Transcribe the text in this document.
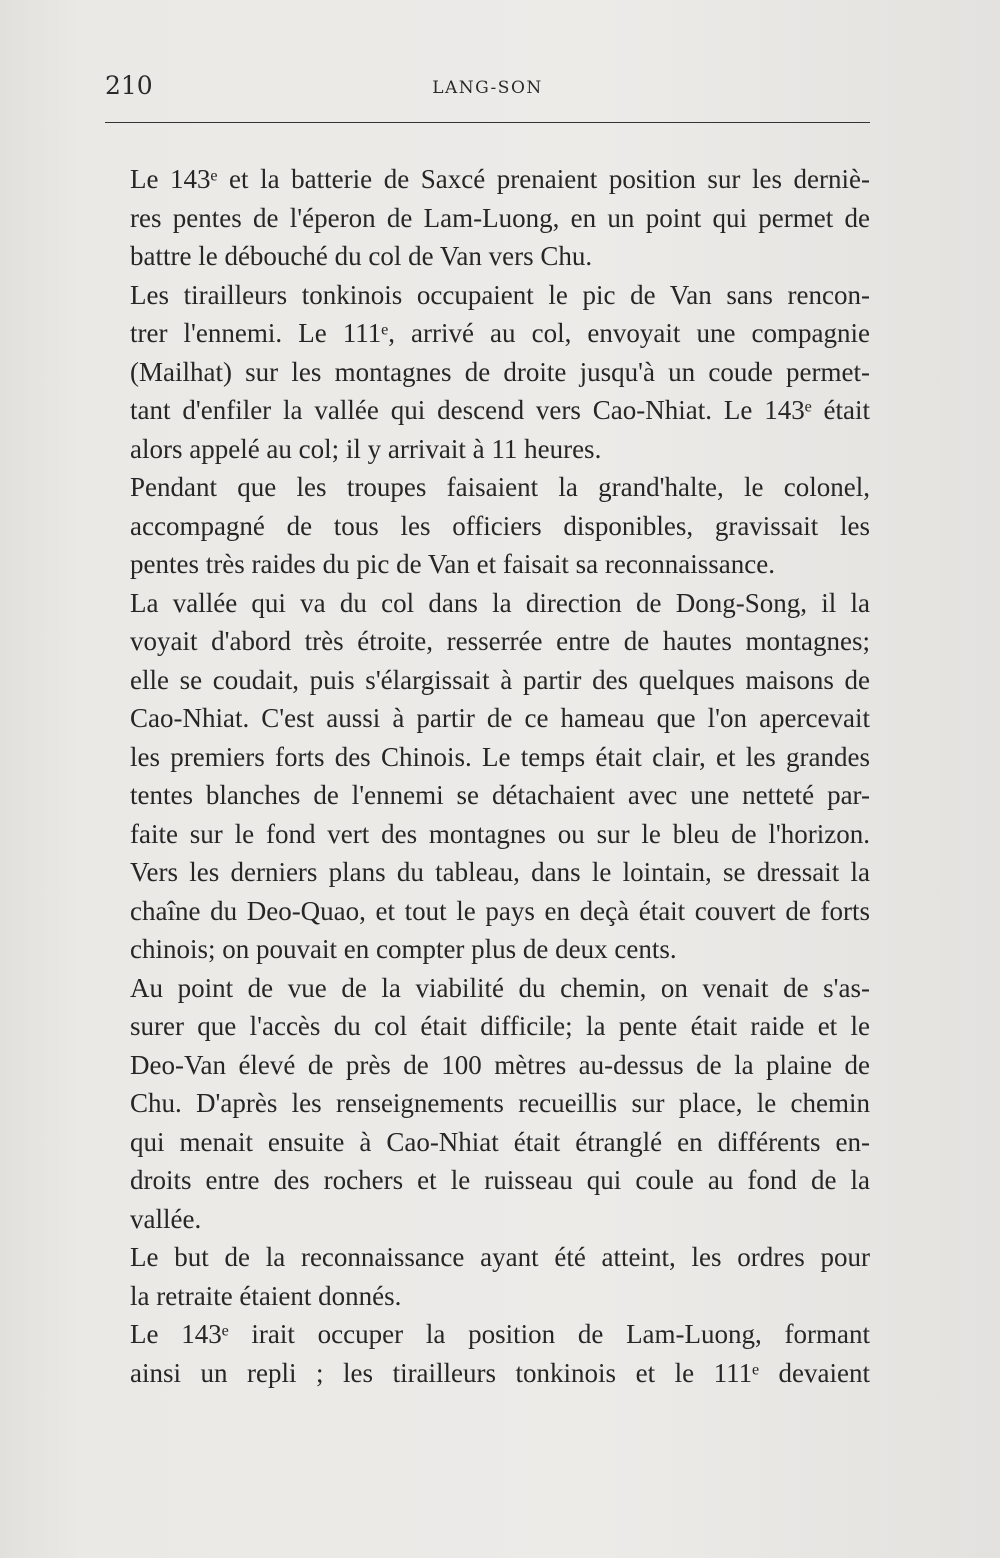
210	LANG-SON

Le 143ᵉ et la batterie de Saxcé prenaient position sur les derniè-
res pentes de l'éperon de Lam-Luong, en un point qui permet de
battre le débouché du col de Van vers Chu.

Les tirailleurs tonkinois occupaient le pic de Van sans rencon-
trer l'ennemi. Le 111ᵉ, arrivé au col, envoyait une compagnie
(Mailhat) sur les montagnes de droite jusqu'à un coude permet-
tant d'enfiler la vallée qui descend vers Cao-Nhiat. Le 143ᵉ était
alors appelé au col; il y arrivait à 11 heures.

Pendant que les troupes faisaient la grand'halte, le colonel,
accompagné de tous les officiers disponibles, gravissait les
pentes très raides du pic de Van et faisait sa reconnaissance.

La vallée qui va du col dans la direction de Dong-Song, il la
voyait d'abord très étroite, resserrée entre de hautes montagnes;
elle se coudait, puis s'élargissait à partir des quelques maisons de
Cao-Nhiat. C'est aussi à partir de ce hameau que l'on apercevait
les premiers forts des Chinois. Le temps était clair, et les grandes
tentes blanches de l'ennemi se détachaient avec une netteté par-
faite sur le fond vert des montagnes ou sur le bleu de l'horizon.
Vers les derniers plans du tableau, dans le lointain, se dressait la
chaîne du Deo-Quao, et tout le pays en deçà était couvert de forts
chinois; on pouvait en compter plus de deux cents.

Au point de vue de la viabilité du chemin, on venait de s'as-
surer que l'accès du col était difficile; la pente était raide et le
Deo-Van élevé de près de 100 mètres au-dessus de la plaine de
Chu. D'après les renseignements recueillis sur place, le chemin
qui menait ensuite à Cao-Nhiat était étranglé en différents en-
droits entre des rochers et le ruisseau qui coule au fond de la
vallée.

Le but de la reconnaissance ayant été atteint, les ordres pour
la retraite étaient donnés.

Le 143ᵉ irait occuper la position de Lam-Luong, formant
ainsi un repli ; les tirailleurs tonkinois et le 111ᵉ devaient
